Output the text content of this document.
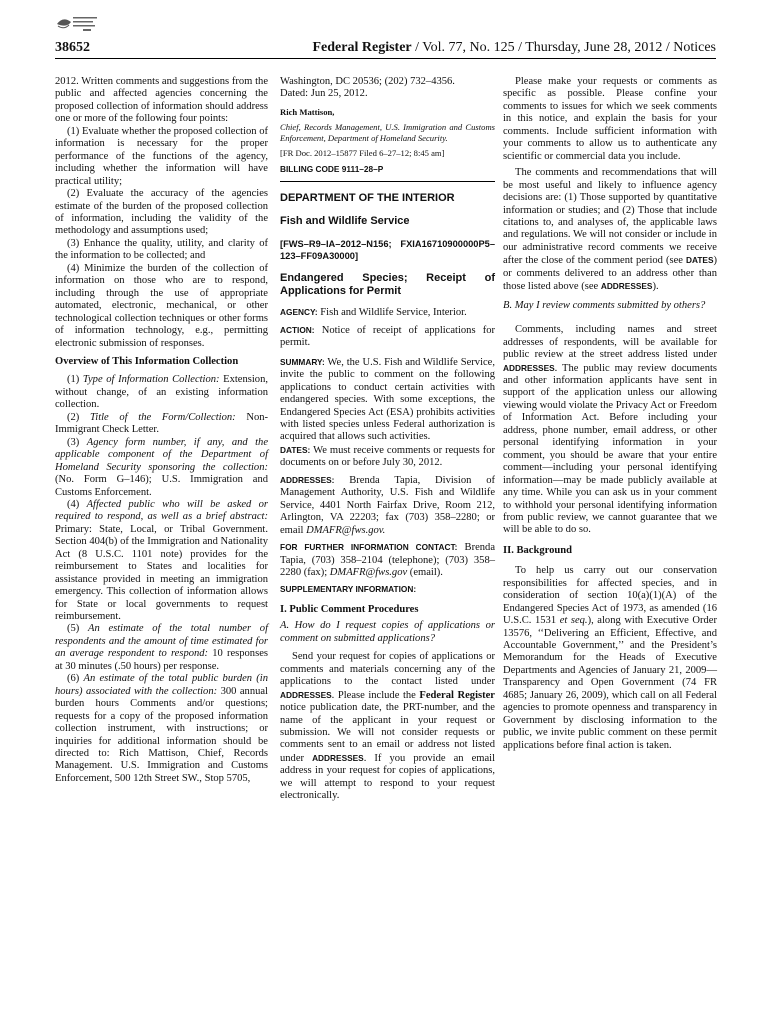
38652	Federal Register / Vol. 77, No. 125 / Thursday, June 28, 2012 / Notices

2012. Written comments and suggestions from the public and affected agencies concerning the proposed collection of information should address one or more of the following four points:

(1) Evaluate whether the proposed collection of information is necessary for the proper performance of the functions of the agency, including whether the information will have practical utility;

(2) Evaluate the accuracy of the agencies estimate of the burden of the proposed collection of information, including the validity of the methodology and assumptions used;

(3) Enhance the quality, utility, and clarity of the information to be collected; and

(4) Minimize the burden of the collection of information on those who are to respond, including through the use of appropriate automated, electronic, mechanical, or other technological collection techniques or other forms of information technology, e.g., permitting electronic submission of responses.

Overview of This Information Collection

(1) Type of Information Collection: Extension, without change, of an existing information collection.

(2) Title of the Form/Collection: Non-Immigrant Check Letter.

(3) Agency form number, if any, and the applicable component of the Department of Homeland Security sponsoring the collection: (No. Form G–146); U.S. Immigration and Customs Enforcement.

(4) Affected public who will be asked or required to respond, as well as a brief abstract: Primary: State, Local, or Tribal Government. Section 404(b) of the Immigration and Nationality Act (8 U.S.C. 1101 note) provides for the reimbursement to States and localities for assistance provided in meeting an immigration emergency. This collection of information allows for State or local governments to request reimbursement.

(5) An estimate of the total number of respondents and the amount of time estimated for an average respondent to respond: 10 responses at 30 minutes (.50 hours) per response.

(6) An estimate of the total public burden (in hours) associated with the collection: 300 annual burden hours Comments and/or questions; requests for a copy of the proposed information collection instrument, with instructions; or inquiries for additional information should be directed to: Rich Mattison, Chief, Records Management. U.S. Immigration and Customs Enforcement, 500 12th Street SW., Stop 5705,

Washington, DC 20536; (202) 732–4356.

Dated: Jun 25, 2012.

Rich Mattison,

Chief, Records Management, U.S. Immigration and Customs Enforcement, Department of Homeland Security.

[FR Doc. 2012–15877 Filed 6–27–12; 8:45 am]

BILLING CODE 9111–28–P

DEPARTMENT OF THE INTERIOR

Fish and Wildlife Service

[FWS–R9–IA–2012–N156; FXIA16710900000P5–123–FF09A30000]

Endangered Species; Receipt of Applications for Permit

AGENCY: Fish and Wildlife Service, Interior.

ACTION: Notice of receipt of applications for permit.

SUMMARY: We, the U.S. Fish and Wildlife Service, invite the public to comment on the following applications to conduct certain activities with endangered species. With some exceptions, the Endangered Species Act (ESA) prohibits activities with listed species unless Federal authorization is acquired that allows such activities.

DATES: We must receive comments or requests for documents on or before July 30, 2012.

ADDRESSES: Brenda Tapia, Division of Management Authority, U.S. Fish and Wildlife Service, 4401 North Fairfax Drive, Room 212, Arlington, VA 22203; fax (703) 358–2280; or email DMAFR@fws.gov.

FOR FURTHER INFORMATION CONTACT: Brenda Tapia, (703) 358–2104 (telephone); (703) 358–2280 (fax); DMAFR@fws.gov (email).

SUPPLEMENTARY INFORMATION:

I. Public Comment Procedures

A. How do I request copies of applications or comment on submitted applications?

Send your request for copies of applications or comments and materials concerning any of the applications to the contact listed under ADDRESSES. Please include the Federal Register notice publication date, the PRT-number, and the name of the applicant in your request or submission. We will not consider requests or comments sent to an email or address not listed under ADDRESSES. If you provide an email address in your request for copies of applications, we will attempt to respond to your request electronically.

Please make your requests or comments as specific as possible. Please confine your comments to issues for which we seek comments in this notice, and explain the basis for your comments. Include sufficient information with your comments to allow us to authenticate any scientific or commercial data you include.

The comments and recommendations that will be most useful and likely to influence agency decisions are: (1) Those supported by quantitative information or studies; and (2) Those that include citations to, and analyses of, the applicable laws and regulations. We will not consider or include in our administrative record comments we receive after the close of the comment period (see DATES) or comments delivered to an address other than those listed above (see ADDRESSES).

B. May I review comments submitted by others?

Comments, including names and street addresses of respondents, will be available for public review at the street address listed under ADDRESSES. The public may review documents and other information applicants have sent in support of the application unless our allowing viewing would violate the Privacy Act or Freedom of Information Act. Before including your address, phone number, email address, or other personal identifying information in your comment, you should be aware that your entire comment—including your personal identifying information—may be made publicly available at any time. While you can ask us in your comment to withhold your personal identifying information from public review, we cannot guarantee that we will be able to do so.

II. Background

To help us carry out our conservation responsibilities for affected species, and in consideration of section 10(a)(1)(A) of the Endangered Species Act of 1973, as amended (16 U.S.C. 1531 et seq.), along with Executive Order 13576, ‘‘Delivering an Efficient, Effective, and Accountable Government,’’ and the President’s Memorandum for the Heads of Executive Departments and Agencies of January 21, 2009—Transparency and Open Government (74 FR 4685; January 26, 2009), which call on all Federal agencies to promote openness and transparency in Government by disclosing information to the public, we invite public comment on these permit applications before final action is taken.
